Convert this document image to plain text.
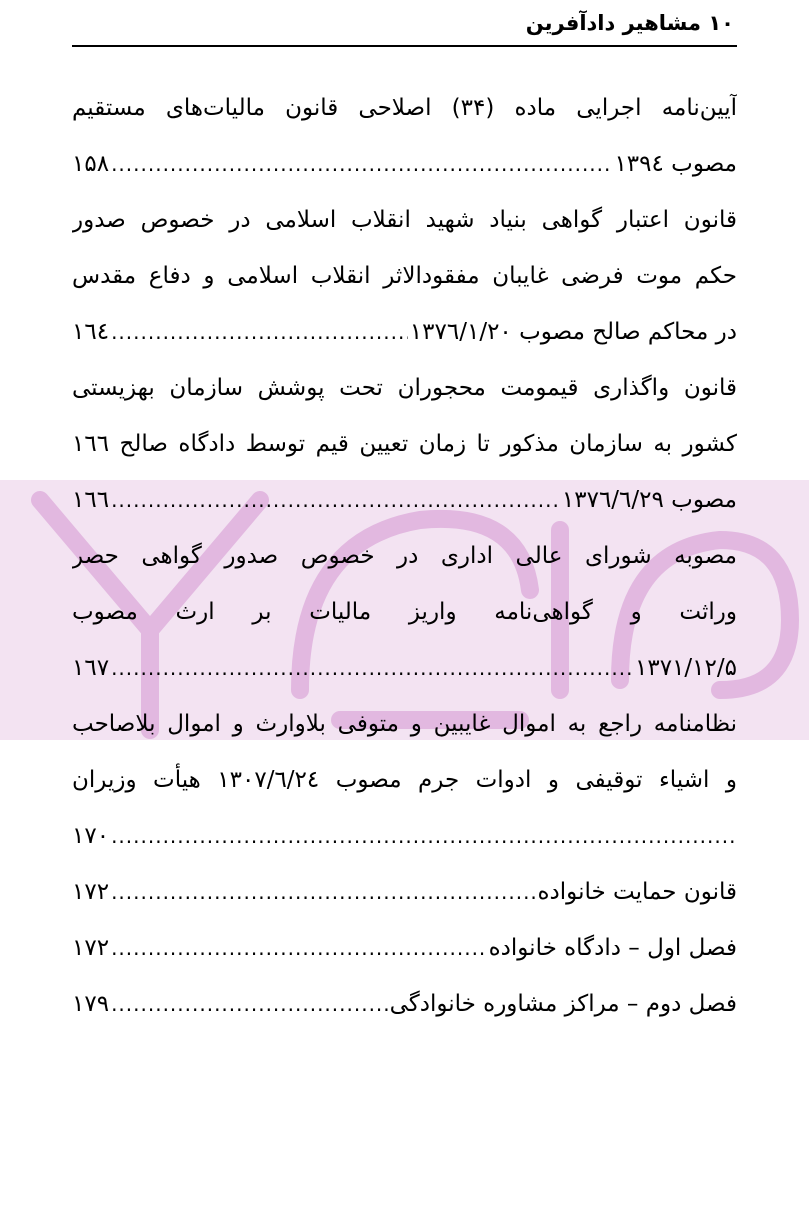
۱۰ مشاهیر دادآفرین
آیین‌نامه اجرایی ماده (۳۴) اصلاحی قانون مالیات‌های مستقیم
مصوب ۱۳۹٤
.....
۱۵۸
قانون اعتبار گواهی بنیاد شهید انقلاب اسلامی در خصوص صدور
حکم موت فرضی غایبان مفقودالاثر انقلاب اسلامی و دفاع مقدس
در محاکم صالح مصوب ۱۳۷٦/۱/۲۰
.....
۱٦٤
قانون واگذاری قیمومت محجوران تحت پوشش سازمان بهزیستی
کشور به سازمان مذکور تا زمان تعیین قیم توسط دادگاه صالح ۱٦٦
مصوب ۱۳۷٦/٦/۲۹
.....
۱٦٦
مصوبه شورای عالی اداری در خصوص صدور گواهی حصر
وراثت و گواهی‌نامه واریز مالیات بر ارث مصوب
۱۳۷۱/۱۲/۵
.....
۱٦۷
نظامنامه راجع به اموال غایبین و متوفی بلاوارث و اموال بلاصاحب
و اشیاء توقیفی و ادوات جرم مصوب ۱۳۰۷/٦/۲٤ هیأت وزیران
.....
۱۷۰
قانون حمایت خانواده
.....
۱۷۲
فصل اول – دادگاه خانواده
.....
۱۷۲
فصل دوم – مراکز مشاوره خانوادگی
.....
۱۷۹
